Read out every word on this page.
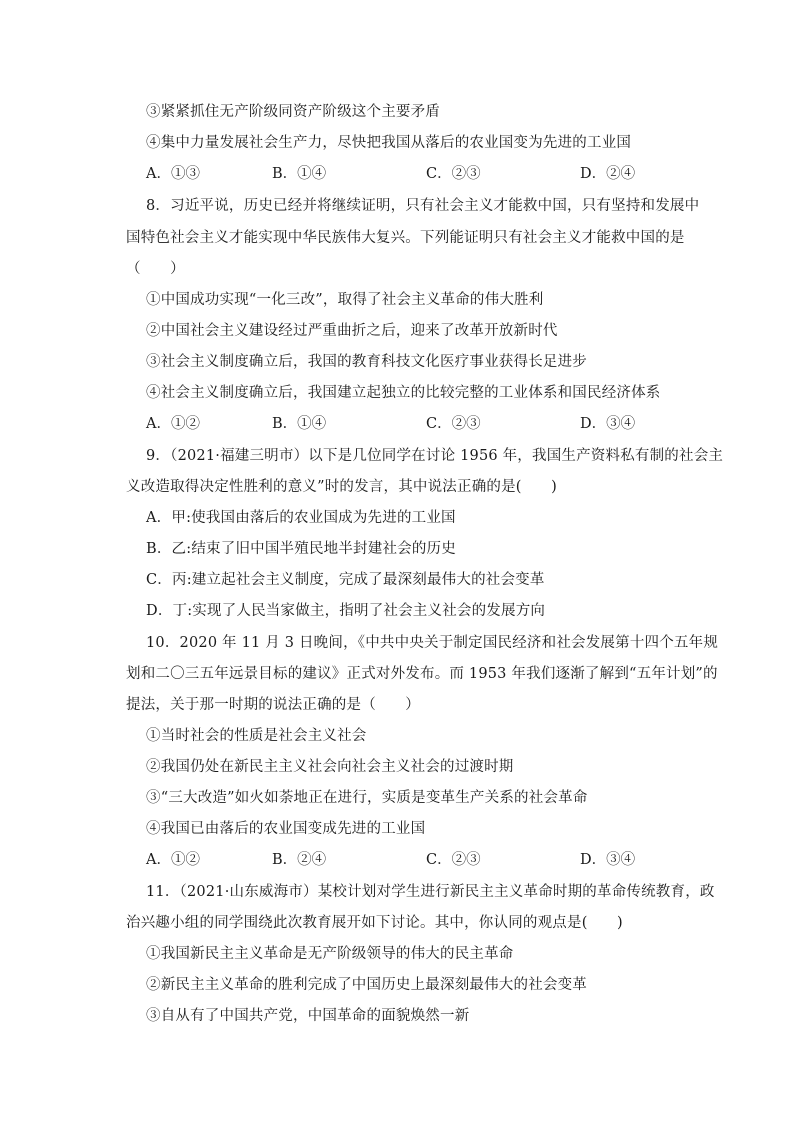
③紧紧抓住无产阶级同资产阶级这个主要矛盾
④集中力量发展社会生产力，尽快把我国从落后的农业国变为先进的工业国
A．①③	B．①④	C．②③	D．②④
8．习近平说，历史已经并将继续证明，只有社会主义才能救中国，只有坚持和发展中
国特色社会主义才能实现中华民族伟大复兴。下列能证明只有社会主义才能救中国的是
（　　）
①中国成功实现“一化三改”，取得了社会主义革命的伟大胜利
②中国社会主义建设经过严重曲折之后，迎来了改革开放新时代
③社会主义制度确立后，我国的教育科技文化医疗事业获得长足进步
④社会主义制度确立后，我国建立起独立的比较完整的工业体系和国民经济体系
A．①②	B．①④	C．②③	D．③④
9．（2021·福建三明市）以下是几位同学在讨论 1956 年，我国生产资料私有制的社会主
义改造取得决定性胜利的意义”时的发言，其中说法正确的是(　　)
A．甲:使我国由落后的农业国成为先进的工业国
B．乙:结束了旧中国半殖民地半封建社会的历史
C．丙:建立起社会主义制度，完成了最深刻最伟大的社会变革
D．丁:实现了人民当家做主，指明了社会主义社会的发展方向
10．2020 年 11 月 3 日晚间，《中共中央关于制定国民经济和社会发展第十四个五年规
划和二〇三五年远景目标的建议》正式对外发布。而 1953 年我们逐渐了解到“五年计划”的
提法，关于那一时期的说法正确的是（　　）
①当时社会的性质是社会主义社会
②我国仍处在新民主主义社会向社会主义社会的过渡时期
③“三大改造”如火如荼地正在进行，实质是变革生产关系的社会革命
④我国已由落后的农业国变成先进的工业国
A．①②	B．②④	C．②③	D．③④
11．（2021·山东威海市）某校计划对学生进行新民主主义革命时期的革命传统教育，政
治兴趣小组的同学围绕此次教育展开如下讨论。其中，你认同的观点是(　　)
①我国新民主主义革命是无产阶级领导的伟大的民主革命
②新民主主义革命的胜利完成了中国历史上最深刻最伟大的社会变革
③自从有了中国共产党，中国革命的面貌焕然一新
